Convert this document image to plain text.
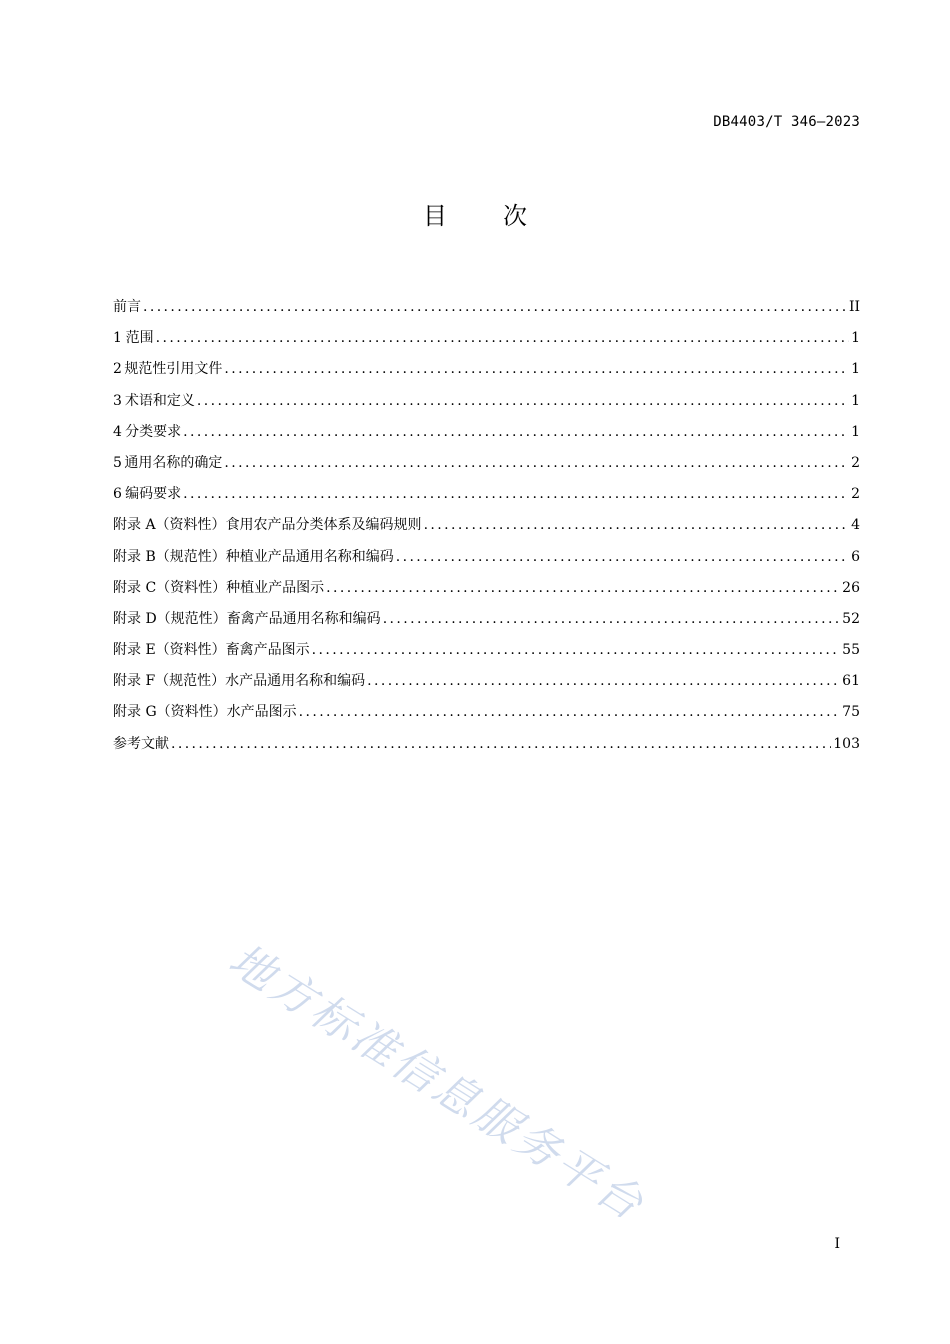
DB4403/T 346—2023
目次
前言 .....	II
1 范围 .....	1
2 规范性引用文件 .....	1
3 术语和定义 .....	1
4 分类要求 .....	1
5 通用名称的确定 .....	2
6 编码要求 .....	2
附录 A（资料性） 食用农产品分类体系及编码规则 .....	4
附录 B（规范性） 种植业产品通用名称和编码 .....	6
附录 C（资料性） 种植业产品图示 .....	26
附录 D（规范性） 畜禽产品通用名称和编码 .....	52
附录 E（资料性） 畜禽产品图示 .....	55
附录 F（规范性） 水产品通用名称和编码 .....	61
附录 G（资料性） 水产品图示 .....	75
参考文献 .....	103
地方标准信息服务平台
I
